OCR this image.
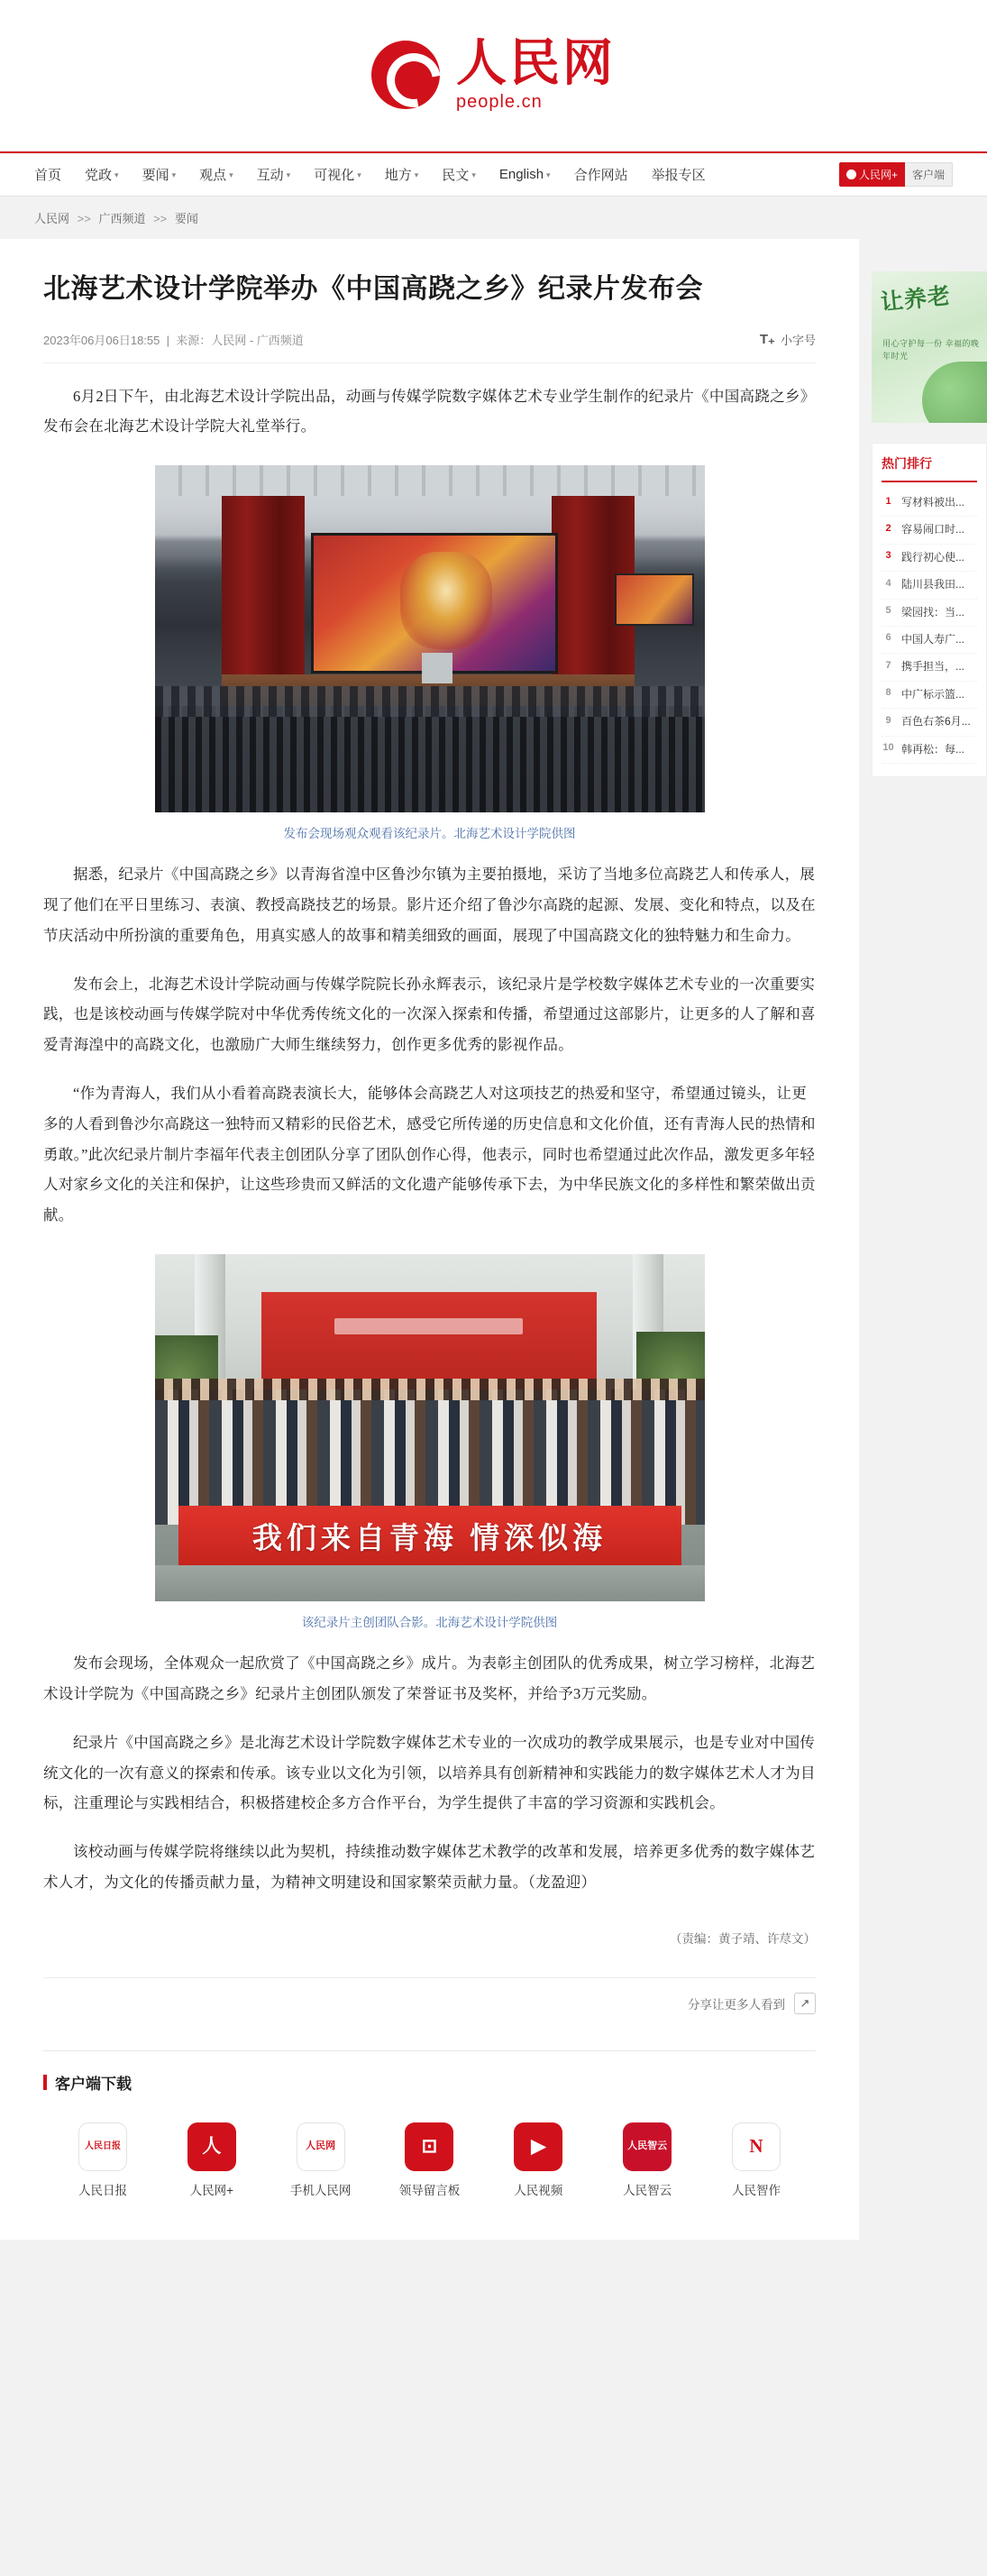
人民网
people.cn
首页 党政 ▾ 要闻 ▾ 观点 ▾ 互动 ▾ 可视化 ▾ 地方 ▾ 民文 ▾ English ▾ 合作网站 举报专区	人民网+	客户端
人民网 >> 广西频道 >> 要闻
北海艺术设计学院举办《中国高跷之乡》纪录片发布会
2023年06月06日18:55  |  来源：人民网 - 广西频道	T₊ 小字号

6月2日下午，由北海艺术设计学院出品，动画与传媒学院数字媒体艺术专业学生制作的纪录片《中国高跷之乡》发布会在北海艺术设计学院大礼堂举行。

发布会现场观众观看该纪录片。北海艺术设计学院供图

据悉，纪录片《中国高跷之乡》以青海省湟中区鲁沙尔镇为主要拍摄地，采访了当地多位高跷艺人和传承人，展现了他们在平日里练习、表演、教授高跷技艺的场景。影片还介绍了鲁沙尔高跷的起源、发展、变化和特点，以及在节庆活动中所扮演的重要角色，用真实感人的故事和精美细致的画面，展现了中国高跷文化的独特魅力和生命力。

发布会上，北海艺术设计学院动画与传媒学院院长孙永辉表示，该纪录片是学校数字媒体艺术专业的一次重要实践，也是该校动画与传媒学院对中华优秀传统文化的一次深入探索和传播，希望通过这部影片，让更多的人了解和喜爱青海湟中的高跷文化，也激励广大师生继续努力，创作更多优秀的影视作品。

“作为青海人，我们从小看着高跷表演长大，能够体会高跷艺人对这项技艺的热爱和坚守，希望通过镜头，让更多的人看到鲁沙尔高跷这一独特而又精彩的民俗艺术，感受它所传递的历史信息和文化价值，还有青海人民的热情和勇敢。”此次纪录片制片李福年代表主创团队分享了团队创作心得，他表示，同时也希望通过此次作品，激发更多年轻人对家乡文化的关注和保护，让这些珍贵而又鲜活的文化遗产能够传承下去，为中华民族文化的多样性和繁荣做出贡献。

我们来自青海 情深似海
该纪录片主创团队合影。北海艺术设计学院供图

发布会现场，全体观众一起欣赏了《中国高跷之乡》成片。为表彰主创团队的优秀成果，树立学习榜样，北海艺术设计学院为《中国高跷之乡》纪录片主创团队颁发了荣誉证书及奖杯，并给予3万元奖励。

纪录片《中国高跷之乡》是北海艺术设计学院数字媒体艺术专业的一次成功的教学成果展示，也是专业对中国传统文化的一次有意义的探索和传承。该专业以文化为引领，以培养具有创新精神和实践能力的数字媒体艺术人才为目标，注重理论与实践相结合，积极搭建校企多方合作平台，为学生提供了丰富的学习资源和实践机会。

该校动画与传媒学院将继续以此为契机，持续推动数字媒体艺术教学的改革和发展，培养更多优秀的数字媒体艺术人才，为文化的传播贡献力量，为精神文明建设和国家繁荣贡献力量。（龙盈迎）

（责编：黄子靖、许荩文）
分享让更多人看到	↗
客户端下载
人民日报
人民日报
人
人民网+
人民网
手机人民网
⊡
领导留言板
▶
人民视频
人民智云
人民智云
N
人民智作
让养老
用心守护每一份 幸福的晚年时光
热门排行
1 写材料被出...
2 容易闹口时...
3 践行初心使...
4 陆川县我田...
5 梁园找：当...
6 中国人寿广...
7 携手担当，...
8 中广标示篮...
9 百色右茶6月...
10 韩再松：每...
